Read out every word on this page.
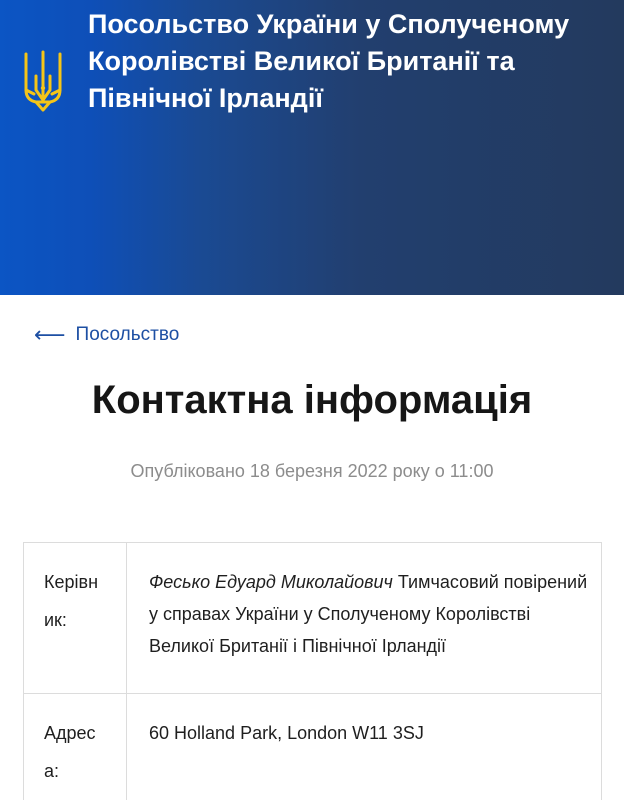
Посольство України у Сполученому Королівстві Великої Британії та Північної Ірландії
⟵ Посольство
Контактна інформація
Опубліковано 18 березня 2022 року о 11:00
Керівник:
Фесько Едуард Миколайович Тимчасовий повірений у справах України у Сполученому Королівстві Великої Британії і Північної Ірландії
Адреса:
60 Holland Park, London W11 3SJ
